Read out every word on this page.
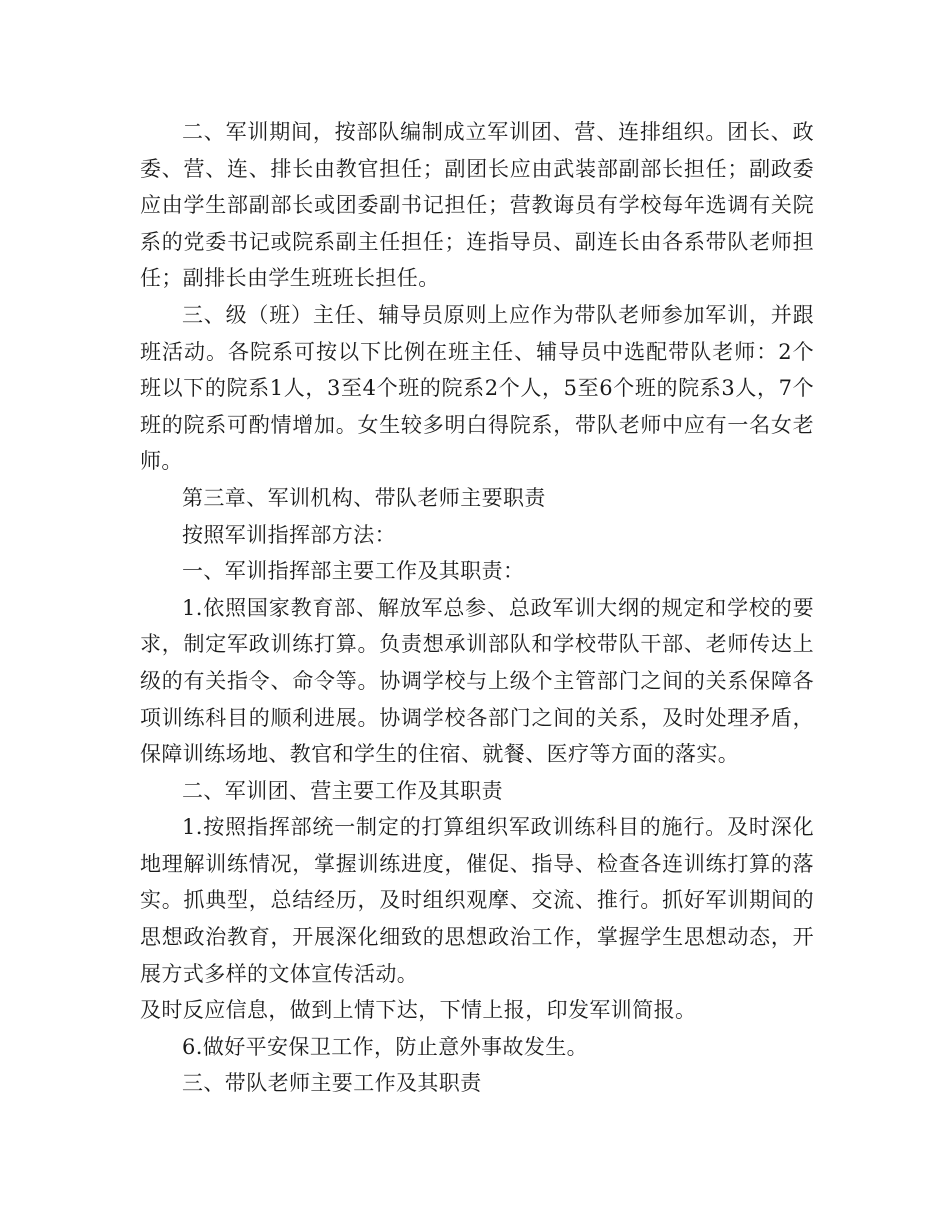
二、军训期间，按部队编制成立军训团、营、连排组织。团长、政委、营、连、排长由教官担任；副团长应由武装部副部长担任；副政委应由学生部副部长或团委副书记担任；营教诲员有学校每年选调有关院系的党委书记或院系副主任担任；连指导员、副连长由各系带队老师担任；副排长由学生班班长担任。

三、级（班）主任、辅导员原则上应作为带队老师参加军训，并跟班活动。各院系可按以下比例在班主任、辅导员中选配带队老师：2个班以下的院系1人，3至4个班的院系2个人，5至6个班的院系3人，7个班的院系可酌情增加。女生较多明白得院系，带队老师中应有一名女老师。

第三章、军训机构、带队老师主要职责

按照军训指挥部方法：

一、军训指挥部主要工作及其职责：

1.依照国家教育部、解放军总参、总政军训大纲的规定和学校的要求，制定军政训练打算。负责想承训部队和学校带队干部、老师传达上级的有关指令、命令等。协调学校与上级个主管部门之间的关系保障各项训练科目的顺利进展。协调学校各部门之间的关系，及时处理矛盾，保障训练场地、教官和学生的住宿、就餐、医疗等方面的落实。

二、军训团、营主要工作及其职责

1.按照指挥部统一制定的打算组织军政训练科目的施行。及时深化地理解训练情况，掌握训练进度，催促、指导、检查各连训练打算的落实。抓典型，总结经历，及时组织观摩、交流、推行。抓好军训期间的思想政治教育，开展深化细致的思想政治工作，掌握学生思想动态，开展方式多样的文体宣传活动。

及时反应信息，做到上情下达，下情上报，印发军训简报。

6.做好平安保卫工作，防止意外事故发生。

三、带队老师主要工作及其职责
